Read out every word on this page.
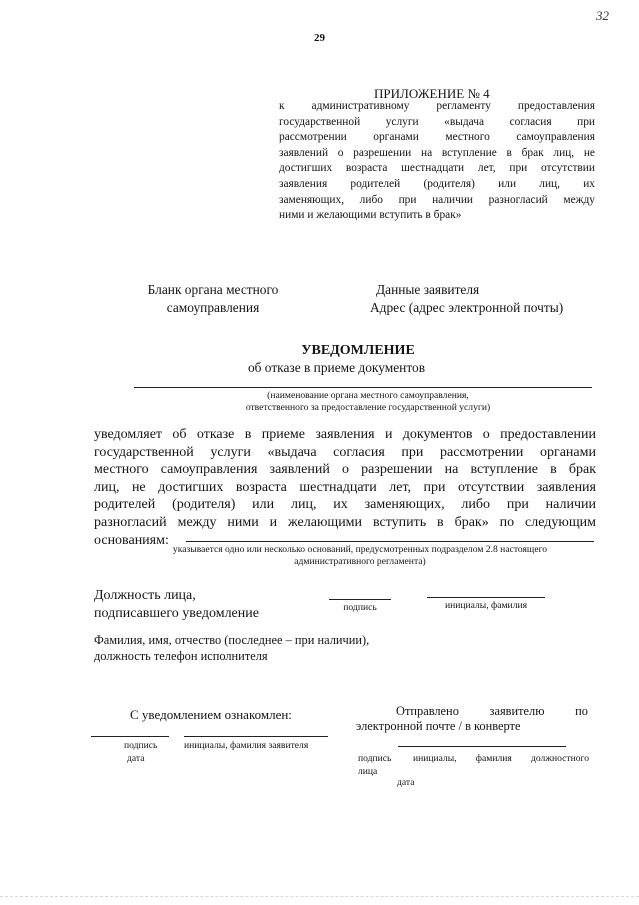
29
32
ПРИЛОЖЕНИЕ № 4
к административному регламенту предоставления
государственной услуги «выдача согласия при
рассмотрении органами местного самоуправления
заявлений о разрешении на вступление в брак лиц, не
достигших возраста шестнадцати лет, при отсутствии
заявления родителей (родителя) или лиц, их
заменяющих, либо при наличии разногласий между
ними и желающими вступить в брак»
Бланк органа местного
самоуправления
Данные заявителя
Адрес (адрес электронной почты)
УВЕДОМЛЕНИЕ
об отказе в приеме документов
(наименование органа местного самоуправления,
ответственного за предоставление государственной услуги)
уведомляет об отказе в приеме заявления и документов о предоставлении
государственной услуги «выдача согласия при рассмотрении органами
местного самоуправления заявлений о разрешении на вступление в брак
лиц, не достигших возраста шестнадцати лет, при отсутствии заявления
родителей (родителя) или лиц, их заменяющих, либо при наличии
разногласий между ними и желающими вступить в брак» по следующим
основаниям:
указывается одно или несколько оснований, предусмотренных подразделом 2.8 настоящего
административного регламента)
Должность лица,
подписавшего уведомление	подпись	инициалы, фамилия
Фамилия, имя, отчество (последнее – при наличии),
должность телефон исполнителя
С уведомлением ознакомлен:
подпись	инициалы, фамилия заявителя
дата
Отправлено заявителю по
электронной почте / в конверте
подпись инициалы, фамилия должностного
лица
дата
